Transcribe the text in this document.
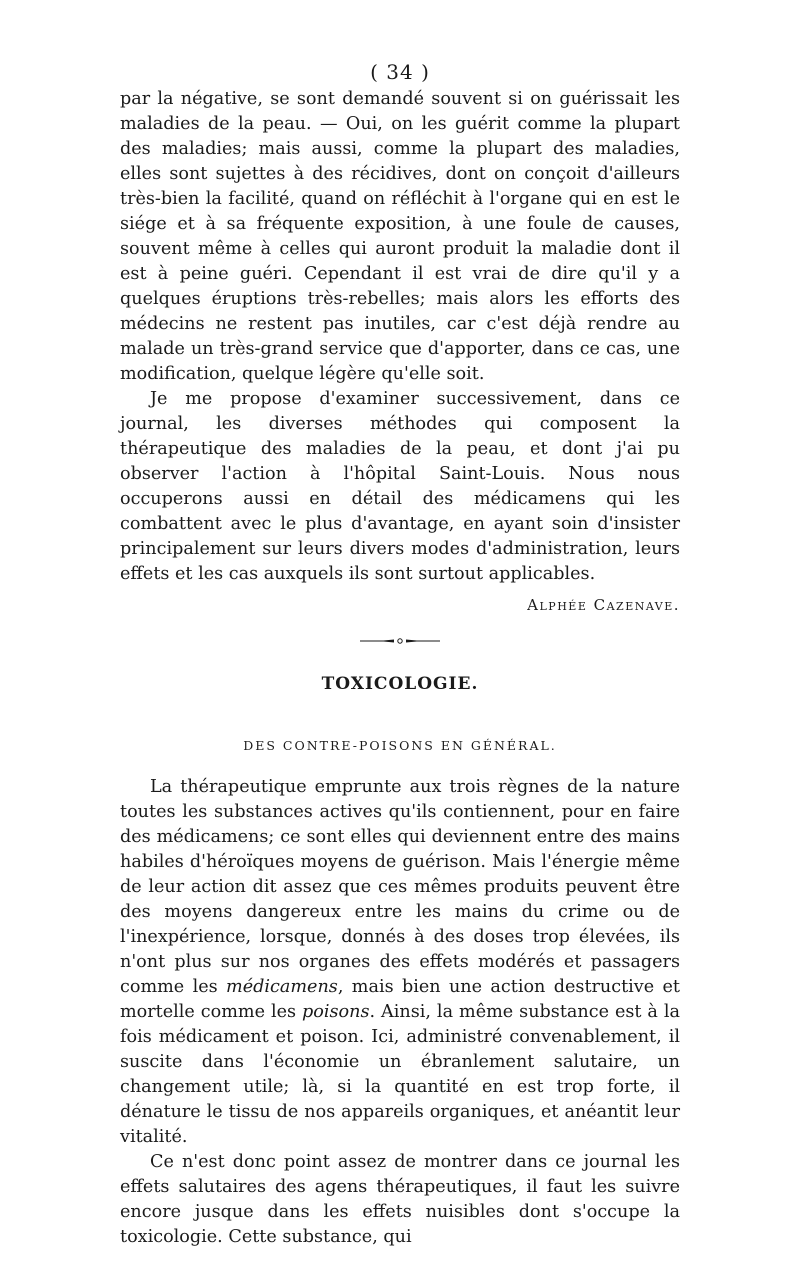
( 34 )

par la négative, se sont demandé souvent si on guérissait les maladies de la peau. — Oui, on les guérit comme la plupart des maladies; mais aussi, comme la plupart des maladies, elles sont sujettes à des récidives, dont on conçoit d'ailleurs très-bien la facilité, quand on réfléchit à l'organe qui en est le siége et à sa fréquente exposition, à une foule de causes, souvent même à celles qui auront produit la maladie dont il est à peine guéri. Cependant il est vrai de dire qu'il y a quelques éruptions très-rebelles; mais alors les efforts des médecins ne restent pas inutiles, car c'est déjà rendre au malade un très-grand service que d'apporter, dans ce cas, une modification, quelque légère qu'elle soit.

Je me propose d'examiner successivement, dans ce journal, les diverses méthodes qui composent la thérapeutique des maladies de la peau, et dont j'ai pu observer l'action à l'hôpital Saint-Louis. Nous nous occuperons aussi en détail des médicamens qui les combattent avec le plus d'avantage, en ayant soin d'insister principalement sur leurs divers modes d'administration, leurs effets et les cas auxquels ils sont surtout applicables.

Alphée Cazenave.
TOXICOLOGIE.
DES CONTRE-POISONS EN GÉNÉRAL.

La thérapeutique emprunte aux trois règnes de la nature toutes les substances actives qu'ils contiennent, pour en faire des médicamens; ce sont elles qui deviennent entre des mains habiles d'héroïques moyens de guérison. Mais l'énergie même de leur action dit assez que ces mêmes produits peuvent être des moyens dangereux entre les mains du crime ou de l'inexpérience, lorsque, donnés à des doses trop élevées, ils n'ont plus sur nos organes des effets modérés et passagers comme les médicamens, mais bien une action destructive et mortelle comme les poisons. Ainsi, la même substance est à la fois médicament et poison. Ici, administré convenablement, il suscite dans l'économie un ébranlement salutaire, un changement utile; là, si la quantité en est trop forte, il dénature le tissu de nos appareils organiques, et anéantit leur vitalité.

Ce n'est donc point assez de montrer dans ce journal les effets salutaires des agens thérapeutiques, il faut les suivre encore jusque dans les effets nuisibles dont s'occupe la toxicologie. Cette substance, qui
